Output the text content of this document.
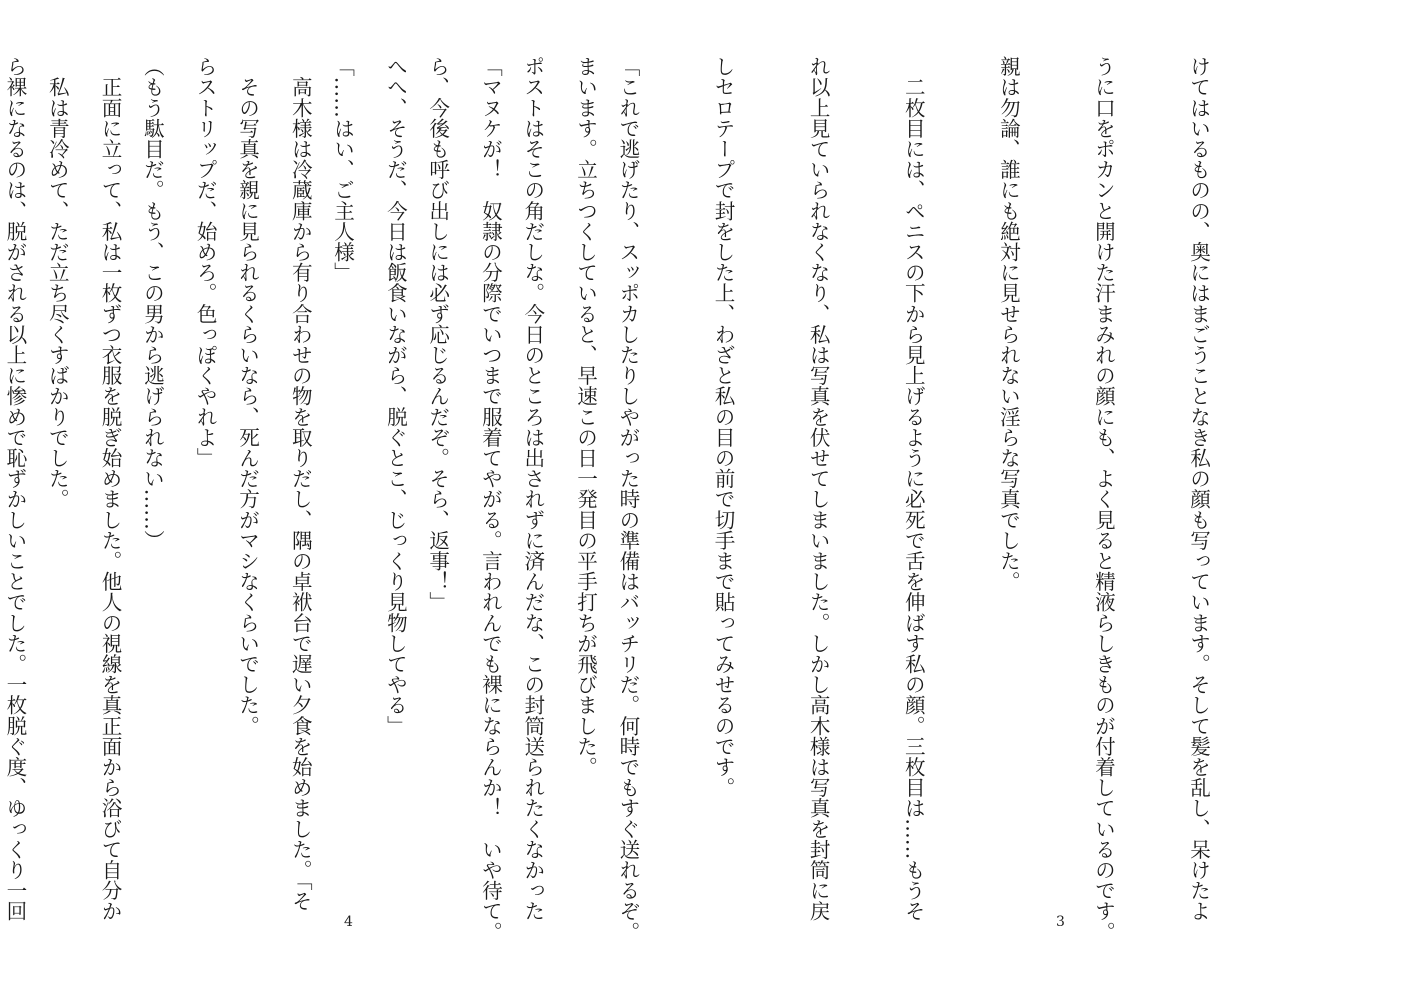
まいます。立ちつくしていると、早速この日一発目の平手打ちが飛びました。

「マヌケが！　奴隷の分際でいつまで服着てやがる。言われんでも裸にならんか！　いや待て。

へへ、そうだ、今日は飯食いながら、脱ぐとこ、じっくり見物してやる」

　高木様は冷蔵庫から有り合わせの物を取りだし、隅の卓袱台で遅い夕食を始めました。「そ

らストリップだ、始めろ。色っぽくやれよ」

　正面に立って、私は一枚ずつ衣服を脱ぎ始めました。他人の視線を真正面から浴びて自分か

ら裸になるのは、脱がされる以上に惨めで恥ずかしいことでした。一枚脱ぐ度、ゆっくり一回

4

けてはいるものの、奥にはまごうことなき私の顔も写っています。そして髪を乱し、呆けたよ

うに口をポカンと開けた汗まみれの顔にも、よく見ると精液らしきものが付着しているのです。

親は勿論、誰にも絶対に見せられない淫らな写真でした。

　二枚目には、ペニスの下から見上げるように必死で舌を伸ばす私の顔。三枚目は……もうそ

れ以上見ていられなくなり、私は写真を伏せてしまいました。しかし高木様は写真を封筒に戻

しセロテープで封をした上、わざと私の目の前で切手まで貼ってみせるのです。

「これで逃げたり、スッポカしたりしやがった時の準備はバッチリだ。何時でもすぐ送れるぞ。

ポストはそこの角だしな。今日のところは出されずに済んだな、この封筒送られたくなかった

ら、今後も呼び出しには必ず応じるんだぞ。そら、返事！」

「……はい、ご主人様」

　その写真を親に見られるくらいなら、死んだ方がマシなくらいでした。

（もう駄目だ。もう、この男から逃げられない……）

　私は青冷めて、ただ立ち尽くすばかりでした。

3
